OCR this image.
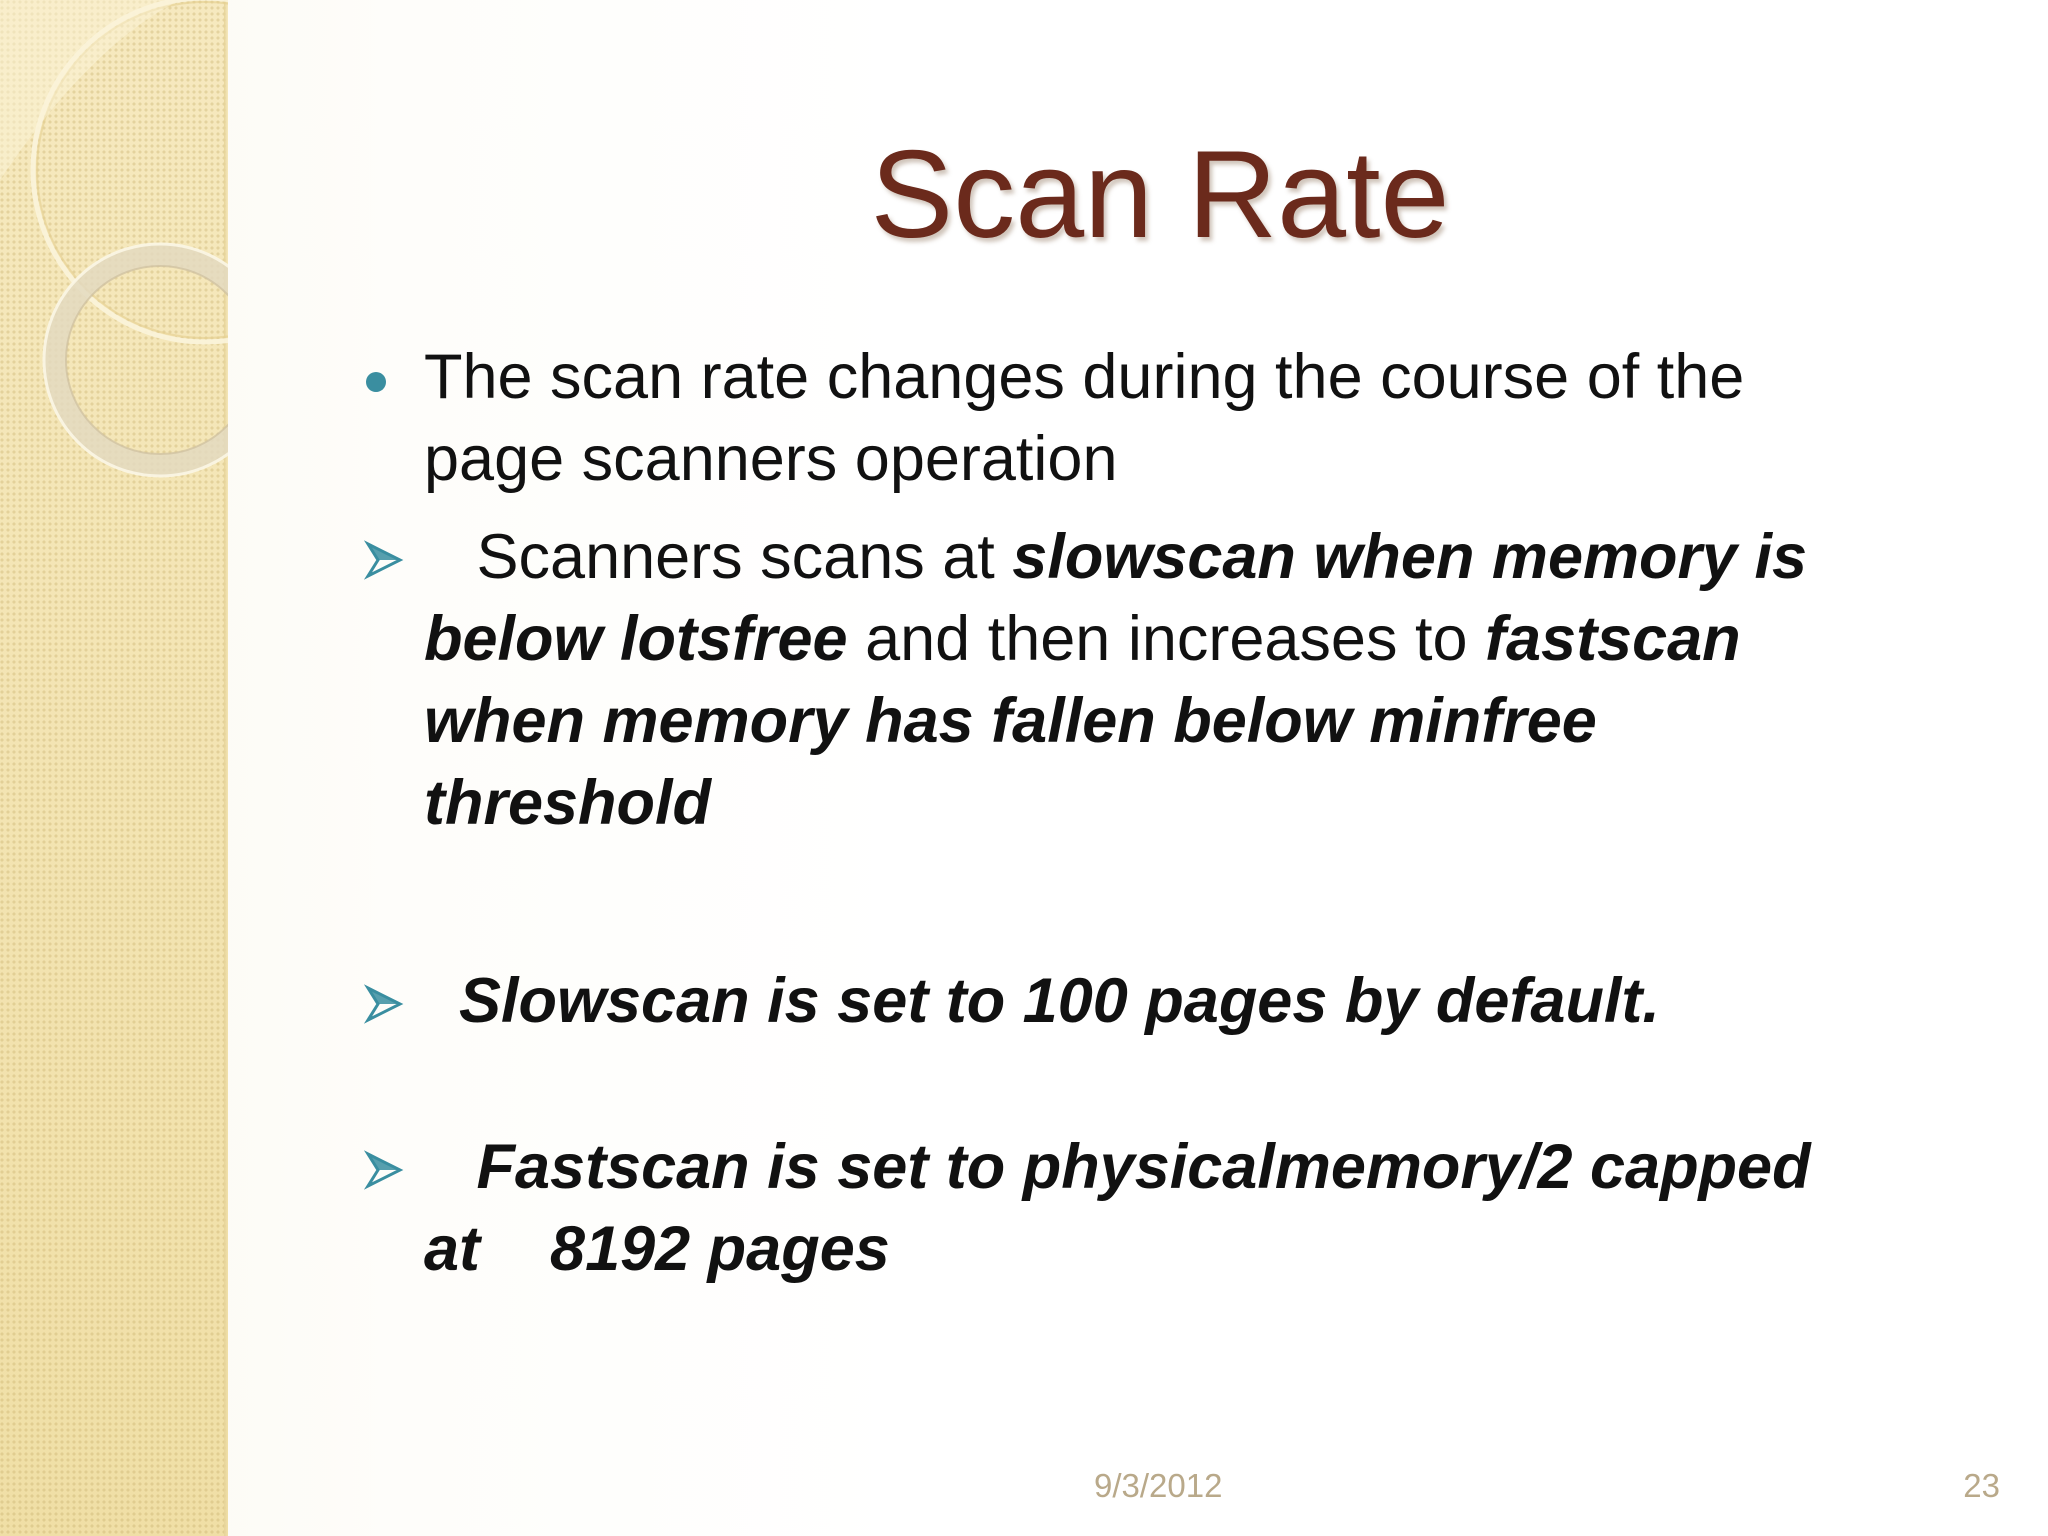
Scan Rate
The scan rate changes during the course of the
page scanners operation
Scanners scans at slowscan when memory is
below lotsfree and then increases to fastscan
when memory has fallen below minfree
threshold
Slowscan is set to 100 pages by default.
Fastscan is set to physicalmemory/2 capped
at    8192 pages
9/3/2012	23
